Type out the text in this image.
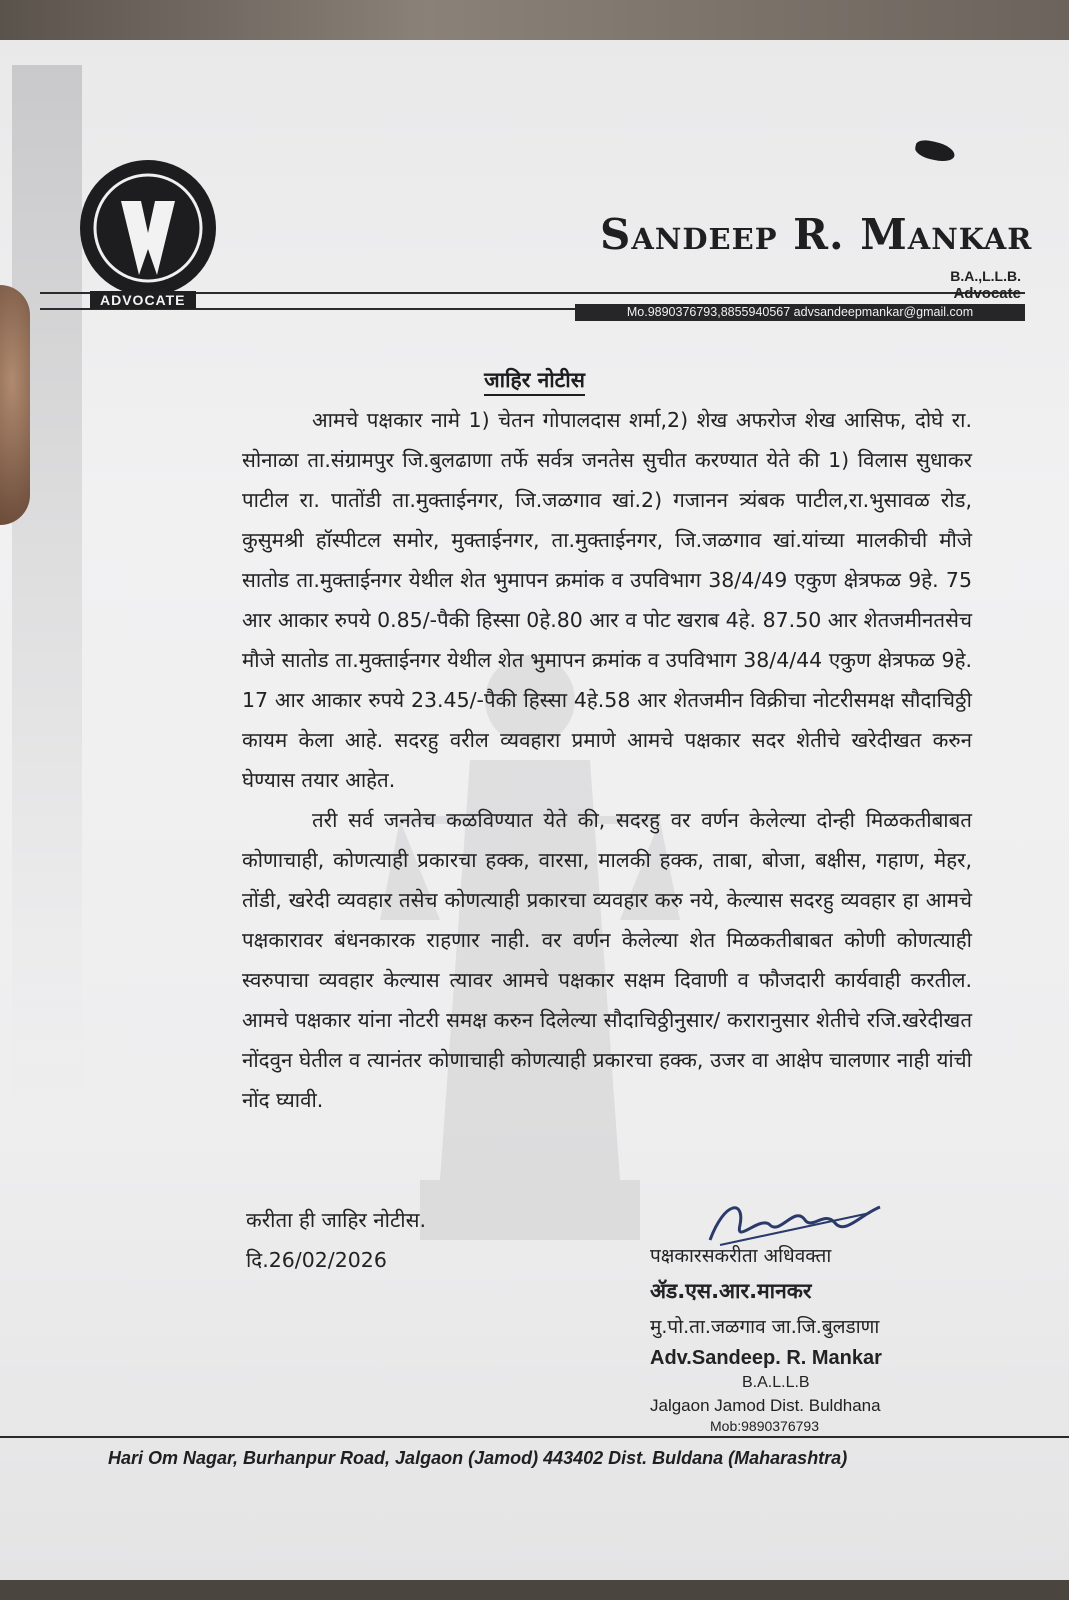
ADVOCATE
Sandeep R. Mankar
B.A.,L.L.B.
Advocate
Mo.9890376793,8855940567 advsandeepmankar@gmail.com
जाहिर नोटीस

आमचे पक्षकार नामे 1) चेतन गोपालदास शर्मा,2) शेख अफरोज शेख आसिफ, दोघे रा. सोनाळा ता.संग्रामपुर जि.बुलढाणा तर्फे सर्वत्र जनतेस सुचीत करण्यात येते की 1) विलास सुधाकर पाटील रा. पातोंडी ता.मुक्ताईनगर, जि.जळगाव खां.2) गजानन त्र्यंबक पाटील,रा.भुसावळ रोड, कुसुमश्री हॉस्पीटल समोर, मुक्ताईनगर, ता.मुक्ताईनगर, जि.जळगाव खां.यांच्या मालकीची मौजे सातोड ता.मुक्ताईनगर येथील शेत भुमापन क्रमांक व उपविभाग 38/4/49 एकुण क्षेत्रफळ 9हे. 75 आर आकार रुपये 0.85/-पैकी हिस्सा 0हे.80 आर व पोट खराब 4हे. 87.50 आर शेतजमीनतसेच मौजे सातोड ता.मुक्ताईनगर येथील शेत भुमापन क्रमांक व उपविभाग 38/4/44 एकुण क्षेत्रफळ 9हे. 17 आर आकार रुपये 23.45/-पैकी हिस्सा 4हे.58 आर शेतजमीन विक्रीचा नोटरीसमक्ष सौदाचिठ्ठी कायम केला आहे. सदरहु वरील व्यवहारा प्रमाणे आमचे पक्षकार सदर शेतीचे खरेदीखत करुन घेण्यास तयार आहेत.

तरी सर्व जनतेच कळविण्यात येते की, सदरहु वर वर्णन केलेल्या दोन्ही मिळकतीबाबत कोणाचाही, कोणत्याही प्रकारचा हक्क, वारसा, मालकी हक्क, ताबा, बोजा, बक्षीस, गहाण, मेहर, तोंडी, खरेदी व्यवहार तसेच कोणत्याही प्रकारचा व्यवहार करु नये, केल्यास सदरहु व्यवहार हा आमचे पक्षकारावर बंधनकारक राहणार नाही. वर वर्णन केलेल्या शेत मिळकतीबाबत कोणी कोणत्याही स्वरुपाचा व्यवहार केल्यास त्यावर आमचे पक्षकार सक्षम दिवाणी व फौजदारी कार्यवाही करतील. आमचे पक्षकार यांना नोटरी समक्ष करुन दिलेल्या सौदाचिठ्ठीनुसार/ करारानुसार शेतीचे रजि.खरेदीखत नोंदवुन घेतील व त्यानंतर कोणाचाही कोणत्याही प्रकारचा हक्क, उजर वा आक्षेप चालणार नाही यांची नोंद घ्यावी.

करीता ही जाहिर नोटीस.
दि.26/02/2026	पक्षकारसकरीता अधिवक्ता
ॲड.एस.आर.मानकर
मु.पो.ता.जळगाव जा.जि.बुलडाणा
Adv.Sandeep. R. Mankar
B.A.L.L.B
Jalgaon Jamod Dist. Buldhana
Mob:9890376793
Hari Om Nagar, Burhanpur Road, Jalgaon (Jamod) 443402 Dist. Buldana (Maharashtra)
